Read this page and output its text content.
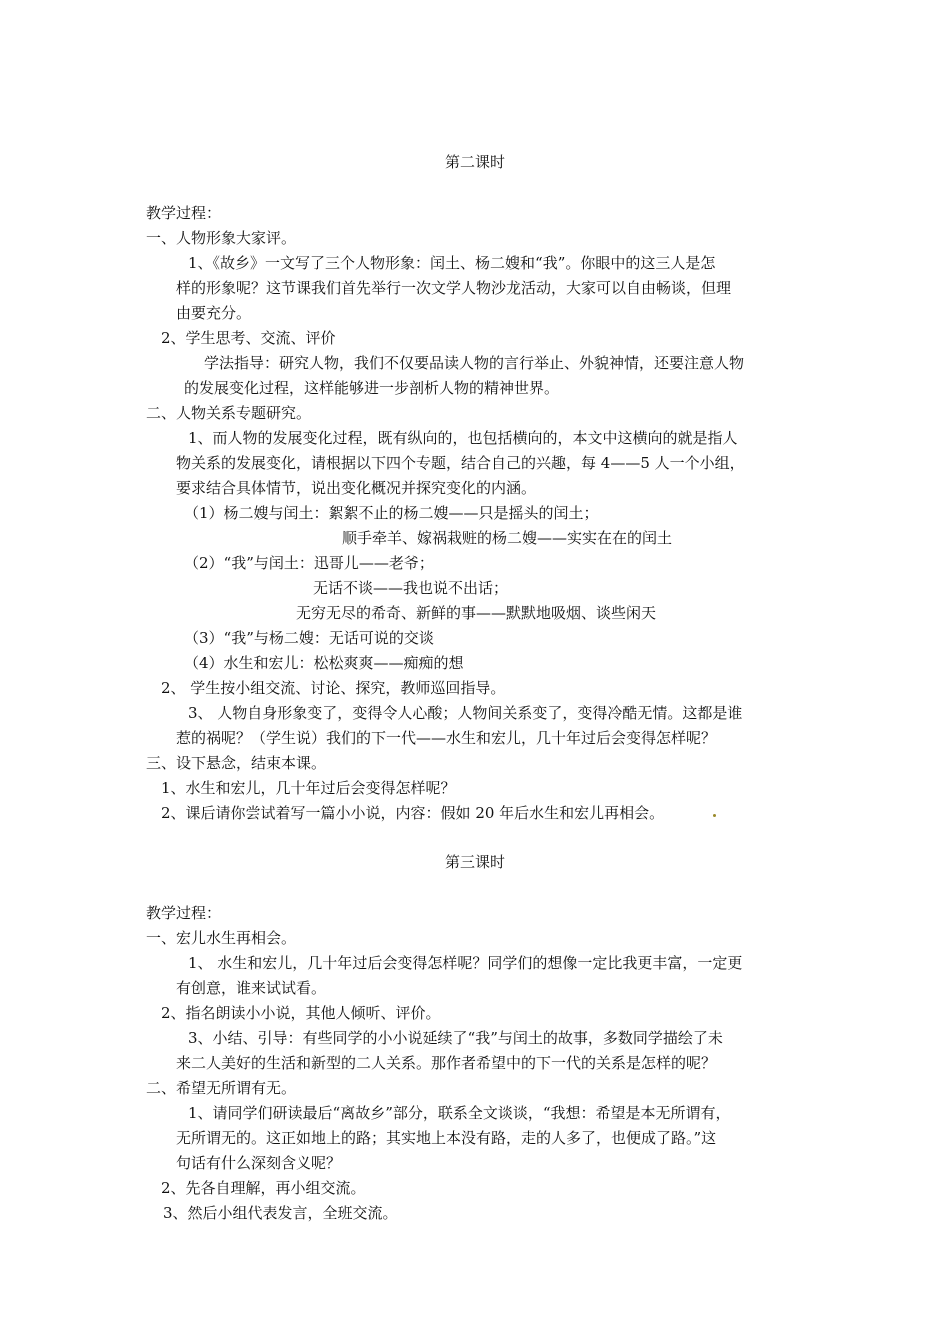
第二课时
教学过程：
一、人物形象大家评。
1、《故乡》一文写了三个人物形象：闰土、杨二嫂和“我”。你眼中的这三人是怎
样的形象呢？这节课我们首先举行一次文学人物沙龙活动，大家可以自由畅谈，但理
由要充分。
2、学生思考、交流、评价
学法指导：研究人物，我们不仅要品读人物的言行举止、外貌神情，还要注意人物
的发展变化过程，这样能够进一步剖析人物的精神世界。
二、人物关系专题研究。
1、而人物的发展变化过程，既有纵向的，也包括横向的，本文中这横向的就是指人
物关系的发展变化，请根据以下四个专题，结合自己的兴趣，每 4——5 人一个小组，
要求结合具体情节，说出变化概况并探究变化的内涵。
（1）杨二嫂与闰土：絮絮不止的杨二嫂——只是摇头的闰土；
顺手牵羊、嫁祸栽赃的杨二嫂——实实在在的闰土
（2）“我”与闰土：迅哥儿——老爷；
无话不谈——我也说不出话；
无穷无尽的希奇、新鲜的事——默默地吸烟、谈些闲天
（3）“我”与杨二嫂：无话可说的交谈
（4）水生和宏儿：松松爽爽——痴痴的想
2、 学生按小组交流、讨论、探究，教师巡回指导。
3、 人物自身形象变了，变得令人心酸；人物间关系变了，变得冷酷无情。这都是谁
惹的祸呢？（学生说）我们的下一代——水生和宏儿，几十年过后会变得怎样呢？
三、设下悬念，结束本课。
1、水生和宏儿，几十年过后会变得怎样呢？
2、课后请你尝试着写一篇小小说，内容：假如 20 年后水生和宏儿再相会。
第三课时
教学过程：
一、宏儿水生再相会。
1、 水生和宏儿，几十年过后会变得怎样呢？同学们的想像一定比我更丰富，一定更
有创意，谁来试试看。
2、指名朗读小小说，其他人倾听、评价。
3、小结、引导：有些同学的小小说延续了“我”与闰土的故事，多数同学描绘了未
来二人美好的生活和新型的二人关系。那作者希望中的下一代的关系是怎样的呢？
二、希望无所谓有无。
1、请同学们研读最后“离故乡”部分，联系全文谈谈，“我想：希望是本无所谓有，
无所谓无的。这正如地上的路；其实地上本没有路，走的人多了，也便成了路。”这
句话有什么深刻含义呢？
2、先各自理解，再小组交流。
3、然后小组代表发言，全班交流。
